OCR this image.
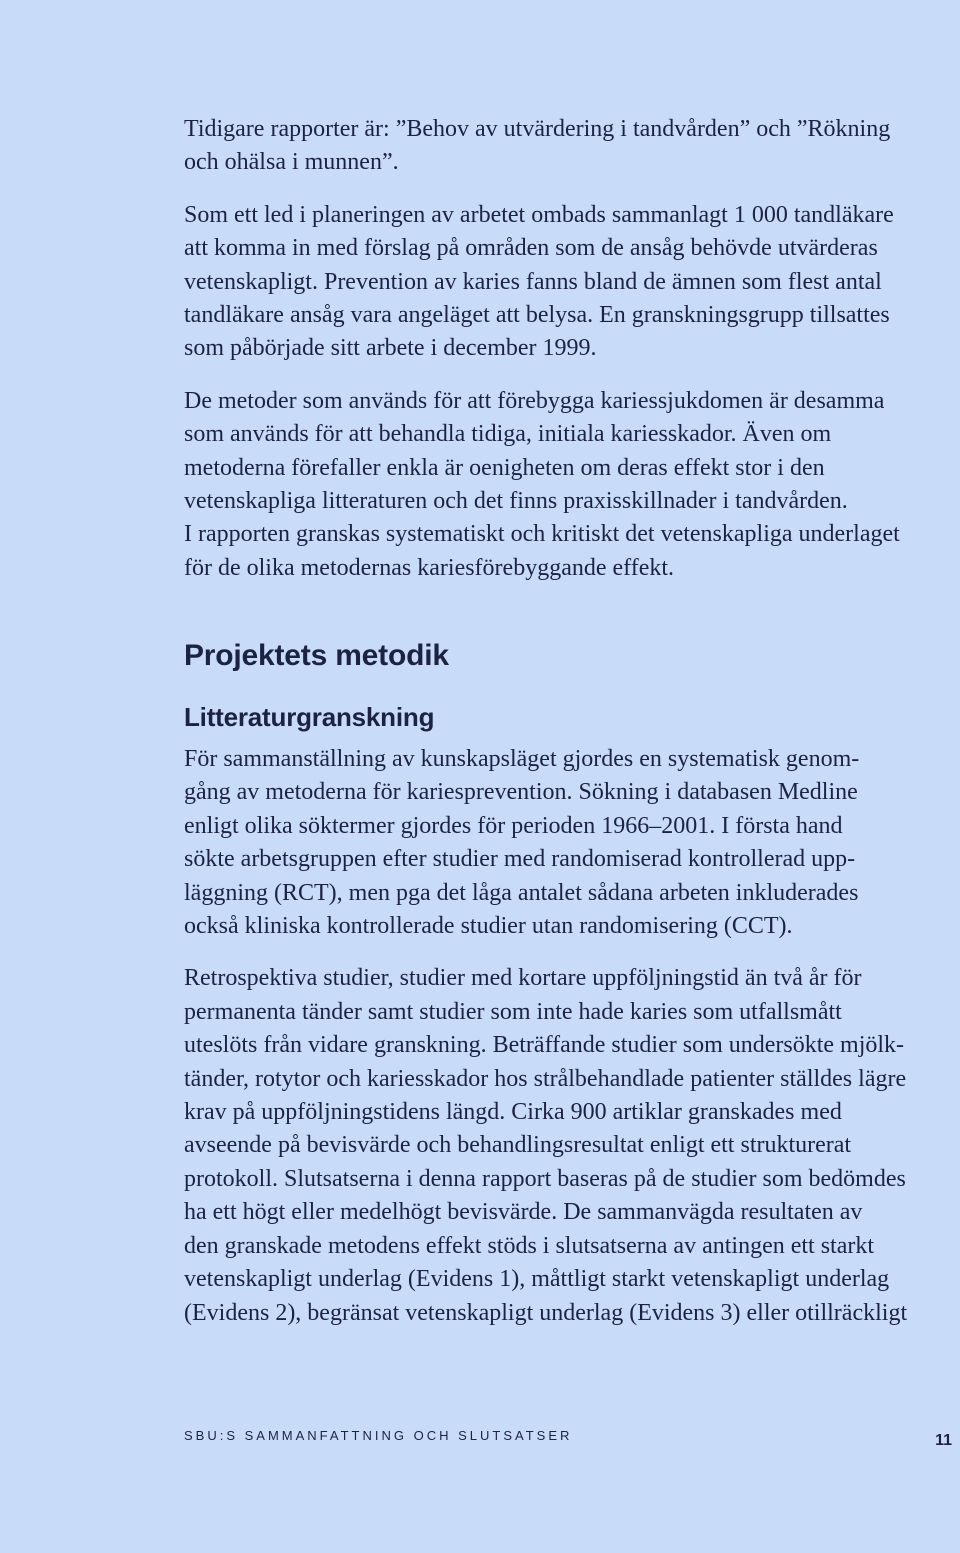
Tidigare rapporter är: ”Behov av utvärdering i tandvården” och ”Rökning
och ohälsa i munnen”.

Som ett led i planeringen av arbetet ombads sammanlagt 1 000 tandläkare
att komma in med förslag på områden som de ansåg behövde utvärderas
vetenskapligt. Prevention av karies fanns bland de ämnen som flest antal
tandläkare ansåg vara angeläget att belysa. En granskningsgrupp tillsattes
som påbörjade sitt arbete i december 1999.

De metoder som används för att förebygga kariessjukdomen är desamma
som används för att behandla tidiga, initiala kariesskador. Även om
metoderna förefaller enkla är oenigheten om deras effekt stor i den
vetenskapliga litteraturen och det finns praxisskillnader i tandvården.
I rapporten granskas systematiskt och kritiskt det vetenskapliga underlaget
för de olika metodernas kariesförebyggande effekt.

Projektets metodik
Litteraturgranskning

För sammanställning av kunskapsläget gjordes en systematisk genom-
gång av metoderna för kariesprevention. Sökning i databasen Medline
enligt olika söktermer gjordes för perioden 1966–2001. I första hand
sökte arbetsgruppen efter studier med randomiserad kontrollerad upp-
läggning (RCT), men pga det låga antalet sådana arbeten inkluderades
också kliniska kontrollerade studier utan randomisering (CCT).

Retrospektiva studier, studier med kortare uppföljningstid än två år för
permanenta tänder samt studier som inte hade karies som utfallsmått
uteslöts från vidare granskning. Beträffande studier som undersökte mjölk-
tänder, rotytor och kariesskador hos strålbehandlade patienter ställdes lägre
krav på uppföljningstidens längd. Cirka 900 artiklar granskades med
avseende på bevisvärde och behandlingsresultat enligt ett strukturerat
protokoll. Slutsatserna i denna rapport baseras på de studier som bedömdes
ha ett högt eller medelhögt bevisvärde. De sammanvägda resultaten av
den granskade metodens effekt stöds i slutsatserna av antingen ett starkt
vetenskapligt underlag (Evidens 1), måttligt starkt vetenskapligt underlag
(Evidens 2), begränsat vetenskapligt underlag (Evidens 3) eller otillräckligt

SBU:S SAMMANFATTNING OCH SLUTSATSER	11
